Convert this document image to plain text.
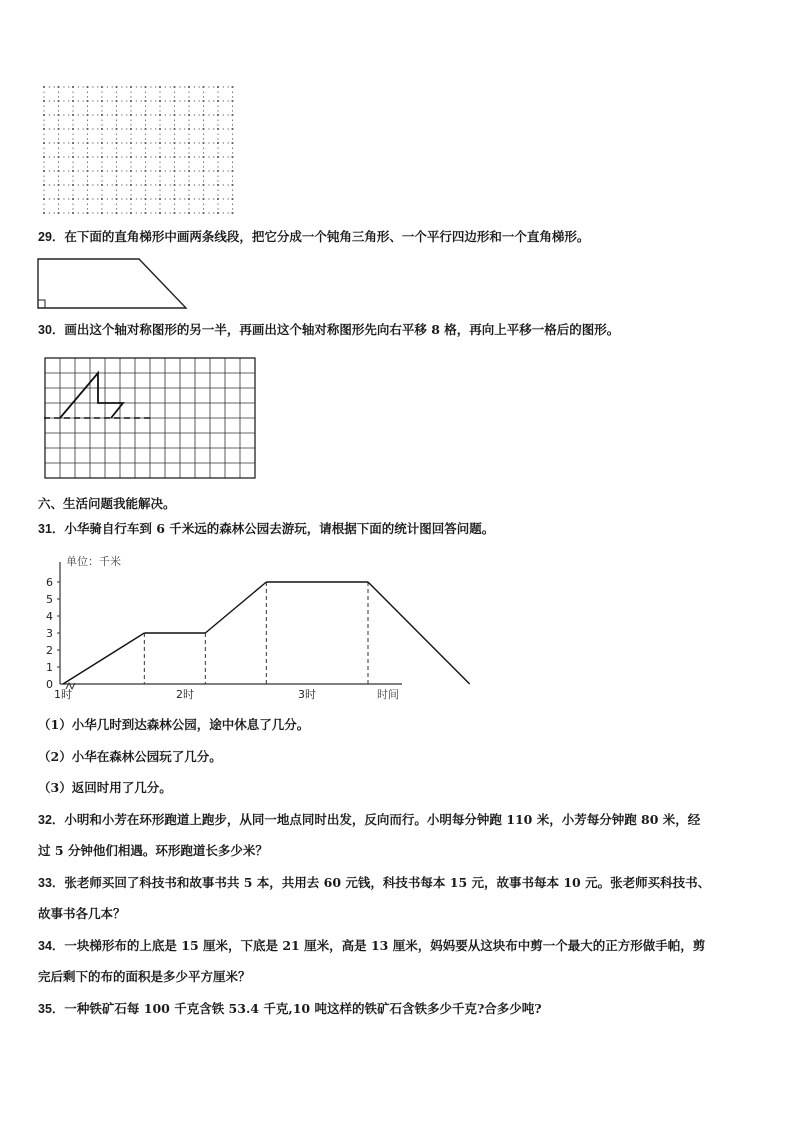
29．在下面的直角梯形中画两条线段，把它分成一个钝角三角形、一个平行四边形和一个直角梯形。
30．画出这个轴对称图形的另一半，再画出这个轴对称图形先向右平移 8 格，再向上平移一格后的图形。
六、生活问题我能解决。
31．小华骑自行车到 6 千米远的森林公园去游玩，请根据下面的统计图回答问题。
0
1
2
3
4
5
6
单位：千米
1时	2时	3时	时间
（1）小华几时到达森林公园，途中休息了几分。
（2）小华在森林公园玩了几分。
（3）返回时用了几分。
32．小明和小芳在环形跑道上跑步，从同一地点同时出发，反向而行。小明每分钟跑 110 米，小芳每分钟跑 80 米，经
过 5 分钟他们相遇。环形跑道长多少米？
33．张老师买回了科技书和故事书共 5 本，共用去 60 元钱，科技书每本 15 元，故事书每本 10 元。张老师买科技书、
故事书各几本？
34．一块梯形布的上底是 15 厘米，下底是 21 厘米，高是 13 厘米，妈妈要从这块布中剪一个最大的正方形做手帕，剪
完后剩下的布的面积是多少平方厘米？
35．一种铁矿石每 100 千克含铁 53.4 千克,10 吨这样的铁矿石含铁多少千克?合多少吨?
